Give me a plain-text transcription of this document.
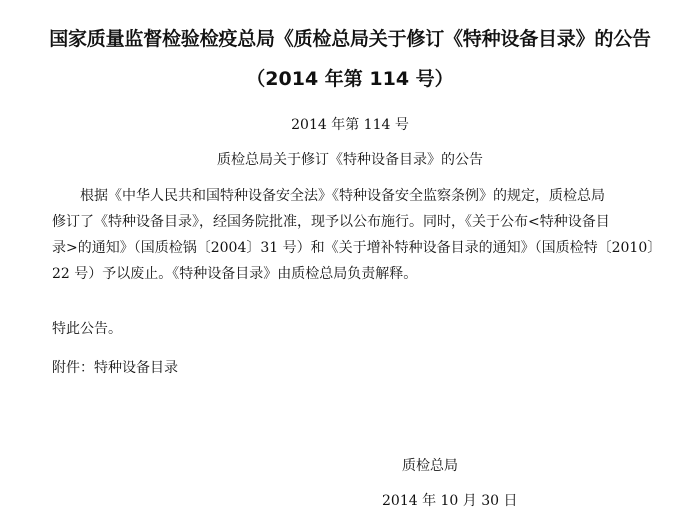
国家质量监督检验检疫总局《质检总局关于修订《特种设备目录》的公告
（2014 年第 114 号）
2014 年第 114 号
质检总局关于修订《特种设备目录》的公告
根据《中华人民共和国特种设备安全法》《特种设备安全监察条例》的规定，质检总局
修订了《特种设备目录》，经国务院批准，现予以公布施行。同时，《关于公布<特种设备目
录>的通知》（国质检锅〔2004〕31 号）和《关于增补特种设备目录的通知》（国质检特〔2010〕
22 号）予以废止。《特种设备目录》由质检总局负责解释。
特此公告。
附件：特种设备目录
质检总局
2014 年 10 月 30 日
